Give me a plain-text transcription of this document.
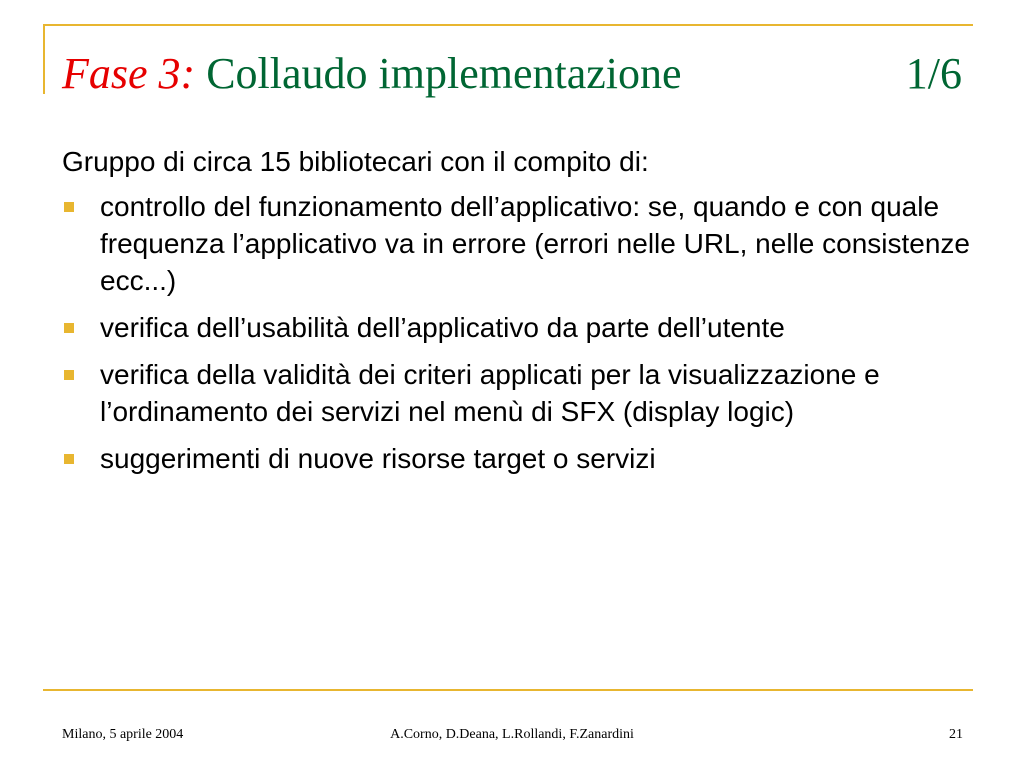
Fase 3: Collaudo implementazione	1/6

Gruppo di circa 15 bibliotecari con il compito di:

controllo del funzionamento dell’applicativo: se, quando e con quale frequenza l’applicativo va in errore (errori nelle URL, nelle consistenze ecc...)
verifica dell’usabilità dell’applicativo da parte dell’utente
verifica della validità dei criteri applicati per la visualizzazione e l’ordinamento dei servizi nel menù di SFX (display logic)
suggerimenti di nuove risorse target o servizi
Milano, 5 aprile 2004	A.Corno, D.Deana, L.Rollandi, F.Zanardini	21
